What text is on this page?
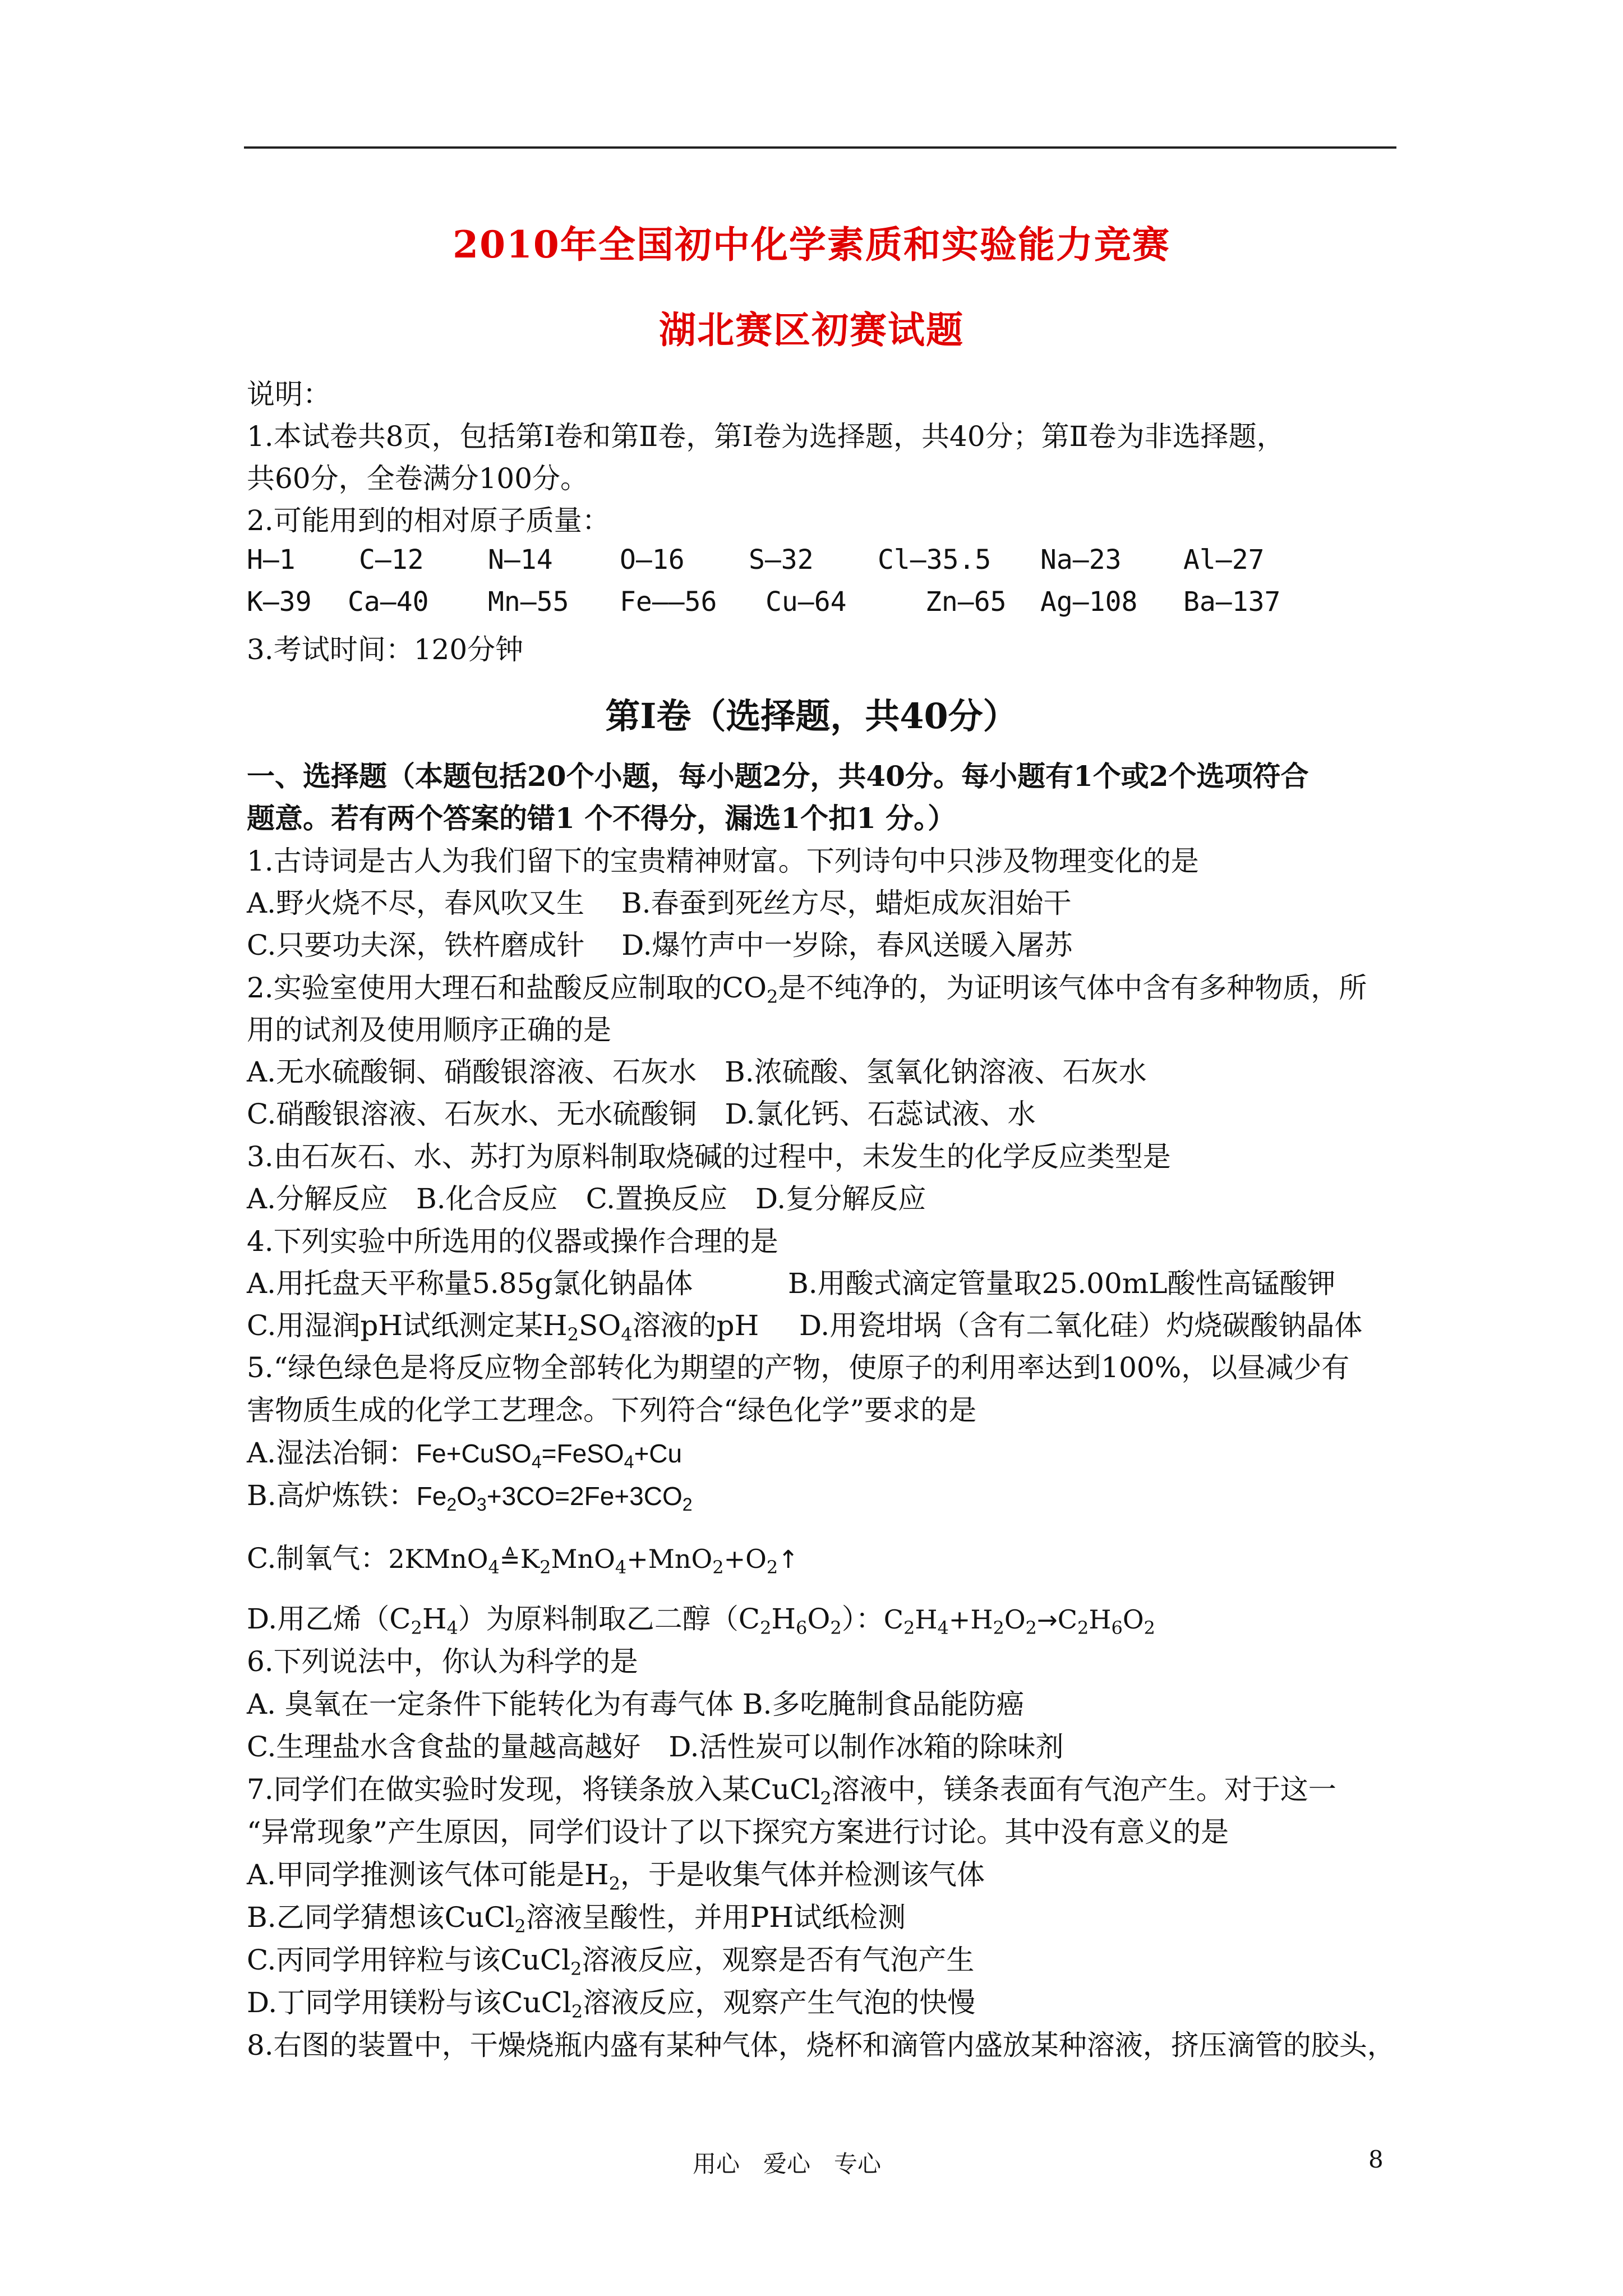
2010年全国初中化学素质和实验能力竞赛
湖北赛区初赛试题
说明：
1.本试卷共8页，包括第Ⅰ卷和第Ⅱ卷，第Ⅰ卷为选择题，共40分；第Ⅱ卷为非选择题，
共60分，全卷满分100分。
2.可能用到的相对原子质量：
H—1 C—12 N—14 O—16 S—32 Cl—35.5 Na—23 Al—27
K—39 Ca—40 Mn—55 Fe——56 Cu—64	Zn—65 Ag—108 Ba—137
3.考试时间：120分钟
第Ⅰ卷（选择题，共40分）
一、选择题（本题包括20个小题，每小题2分，共40分。每小题有1个或2个选项符合
题意。若有两个答案的错1 个不得分，漏选1个扣1 分。）
1.古诗词是古人为我们留下的宝贵精神财富。下列诗句中只涉及物理变化的是
A.野火烧不尽，春风吹又生　 B.春蚕到死丝方尽，蜡炬成灰泪始干
C.只要功夫深，铁杵磨成针　 D.爆竹声中一岁除，春风送暖入屠苏
2.实验室使用大理石和盐酸反应制取的$CO_2$是不纯净的，为证明该气体中含有多种物质，所
用的试剂及使用顺序正确的是
A.无水硫酸铜、硝酸银溶液、石灰水　B.浓硫酸、氢氧化钠溶液、石灰水
C.硝酸银溶液、石灰水、无水硫酸铜　D.氯化钙、石蕊试液、水
3.由石灰石、水、苏打为原料制取烧碱的过程中，未发生的化学反应类型是
A.分解反应　B.化合反应　C.置换反应　D.复分解反应
4.下列实验中所选用的仪器或操作合理的是
A.用托盘天平称量5.85g氯化钠晶体	B.用酸式滴定管量取25.00mL酸性高锰酸钾
C.用湿润pH试纸测定某$H_2SO_4$溶液的pH D.用瓷坩埚（含有二氧化硅）灼烧碳酸钠晶体
5.“绿色绿色是将反应物全部转化为期望的产物，使原子的利用率达到100%，以昼减少有
害物质生成的化学工艺理念。下列符合“绿色化学”要求的是
A.湿法冶铜：Fe+CuSO$_4$=FeSO$_4$+Cu
B.高炉炼铁：$Fe_2O_3+3CO=2Fe+3CO_2$
C.制氧气：$2KMnO_4≜K_2MnO_4+MnO_2+O_2↑$
D.用乙烯$(C_2H_4)$为原料制取乙二醇$(C_2H_6O_2)$：$C_2H_4+H_2O_2\to C_2H_6O_2$
6.下列说法中，你认为科学的是
A. 臭氧在一定条件下能转化为有毒气体 B.多吃腌制食品能防癌
C.生理盐水含食盐的量越高越好　D.活性炭可以制作冰箱的除味剂
7.同学们在做实验时发现，将镁条放入某CuCl$_2$溶液中，镁条表面有气泡产生。对于这一
“异常现象”产生原因，同学们设计了以下探究方案进行讨论。其中没有意义的是
A.甲同学推测该气体可能是$H_2$，于是收集气体并检测该气体
B.乙同学猜想该CuCl$_2$溶液呈酸性，并用PH试纸检测
C.丙同学用锌粒与该CuCl$_2$溶液反应，观察是否有气泡产生
D.丁同学用镁粉与该CuCl$_2$溶液反应，观察产生气泡的快慢
8.右图的装置中，干燥烧瓶内盛有某种气体，烧杯和滴管内盛放某种溶液，挤压滴管的胶头，
用心　爱心　专心	8
